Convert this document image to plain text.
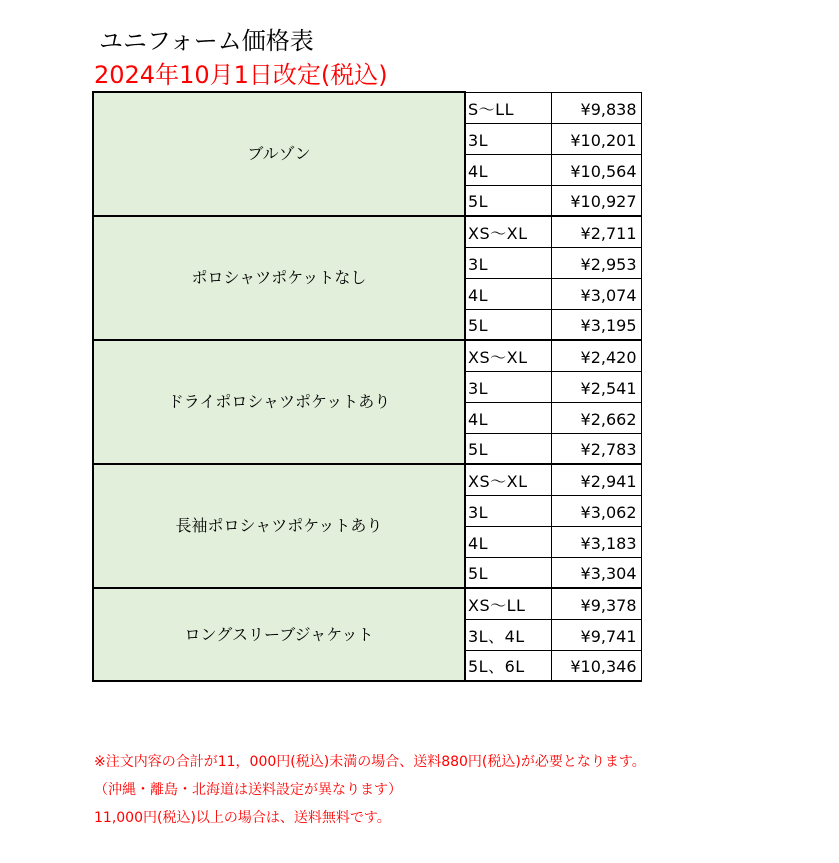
ユニフォーム価格表
2024年10月1日改定(税込)
ブルゾン	S～LL	¥9,838
	3L	¥10,201
	4L	¥10,564
	5L	¥10,927
ポロシャツポケットなし	XS～XL	¥2,711
	3L	¥2,953
	4L	¥3,074
	5L	¥3,195
ドライポロシャツポケットあり	XS～XL	¥2,420
	3L	¥2,541
	4L	¥2,662
	5L	¥2,783
長袖ポロシャツポケットあり	XS～XL	¥2,941
	3L	¥3,062
	4L	¥3,183
	5L	¥3,304
ロングスリーブジャケット	XS～LL	¥9,378
	3L、4L	¥9,741
	5L、6L	¥10,346
※注文内容の合計が11，000円(税込)未満の場合、送料880円(税込)が必要となります。
（沖縄・離島・北海道は送料設定が異なります）
11,000円(税込)以上の場合は、送料無料です。
